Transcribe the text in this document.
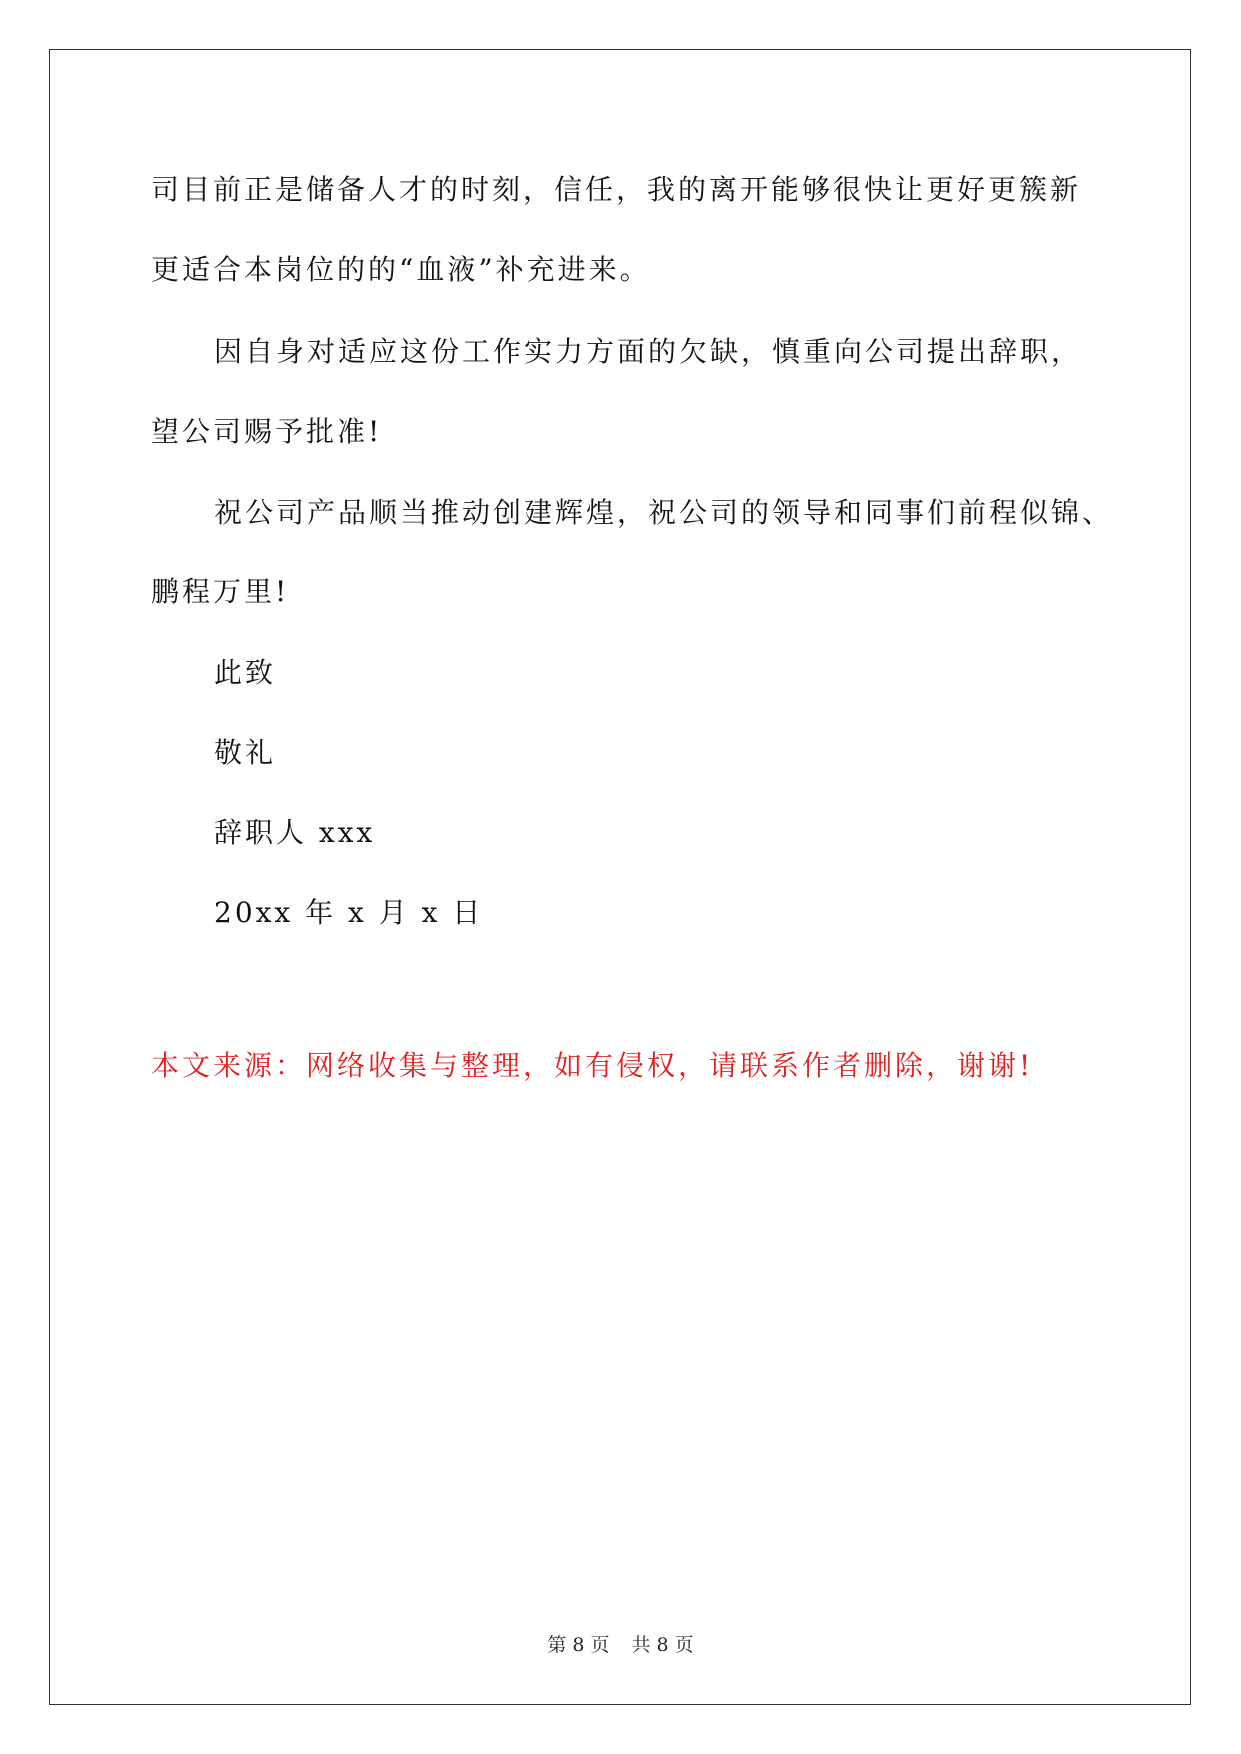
司目前正是储备人才的时刻，信任，我的离开能够很快让更好更簇新
更适合本岗位的的“血液”补充进来。
因自身对适应这份工作实力方面的欠缺，慎重向公司提出辞职，
望公司赐予批准!
祝公司产品顺当推动创建辉煌，祝公司的领导和同事们前程似锦、
鹏程万里!
此致
敬礼
辞职人 xxx
20xx 年 x 月 x 日
本文来源：网络收集与整理，如有侵权，请联系作者删除，谢谢!
第 8 页 共 8 页
